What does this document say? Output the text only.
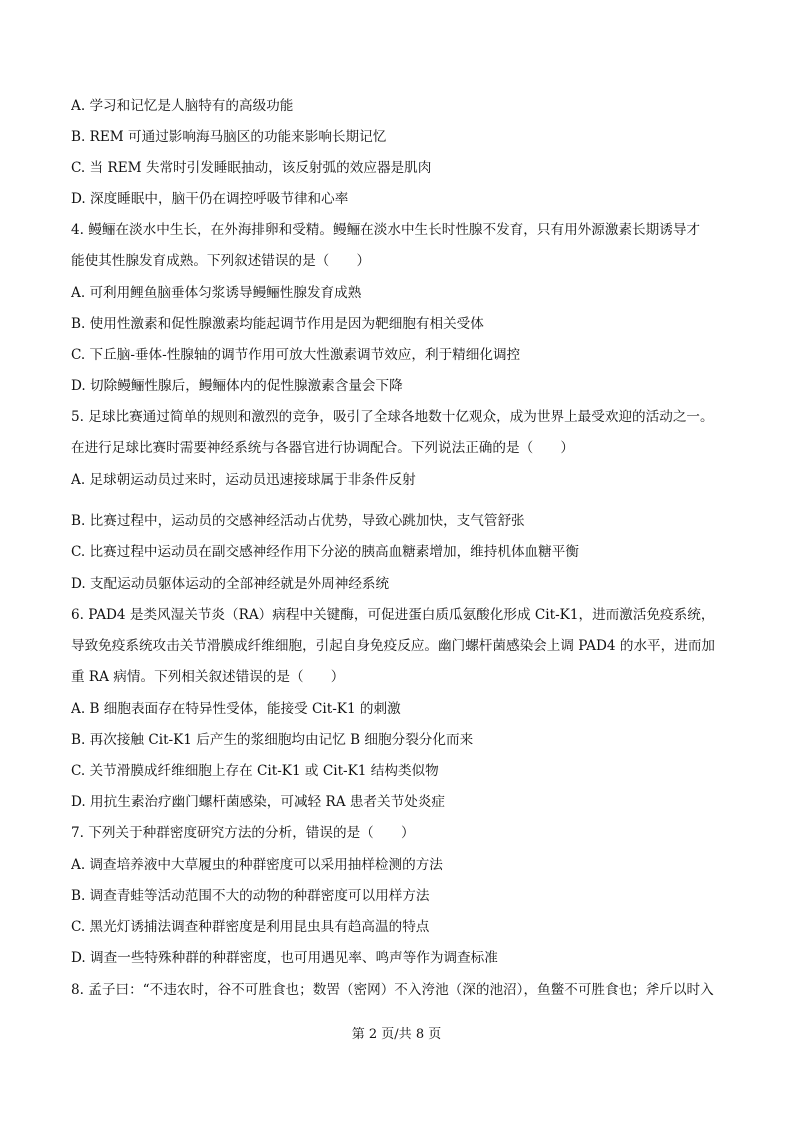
A. 学习和记忆是人脑特有的高级功能
B. REM 可通过影响海马脑区的功能来影响长期记忆
C. 当 REM 失常时引发睡眠抽动，该反射弧的效应器是肌肉
D. 深度睡眠中，脑干仍在调控呼吸节律和心率
4. 鳗鲡在淡水中生长，在外海排卵和受精。鳗鲡在淡水中生长时性腺不发育，只有用外源激素长期诱导才
能使其性腺发育成熟。下列叙述错误的是（　　）
A. 可利用鲤鱼脑垂体匀浆诱导鳗鲡性腺发育成熟
B. 使用性激素和促性腺激素均能起调节作用是因为靶细胞有相关受体
C. 下丘脑-垂体-性腺轴的调节作用可放大性激素调节效应，利于精细化调控
D. 切除鳗鲡性腺后，鳗鲡体内的促性腺激素含量会下降
5. 足球比赛通过简单的规则和激烈的竞争，吸引了全球各地数十亿观众，成为世界上最受欢迎的活动之一。
在进行足球比赛时需要神经系统与各器官进行协调配合。下列说法正确的是（　　）
A. 足球朝运动员过来时，运动员迅速接球属于非条件反射
B. 比赛过程中，运动员的交感神经活动占优势，导致心跳加快，支气管舒张
C. 比赛过程中运动员在副交感神经作用下分泌的胰高血糖素增加，维持机体血糖平衡
D. 支配运动员躯体运动的全部神经就是外周神经系统
6. PAD4 是类风湿关节炎（RA）病程中关键酶，可促进蛋白质瓜氨酸化形成 Cit-K1，进而激活免疫系统，
导致免疫系统攻击关节滑膜成纤维细胞，引起自身免疫反应。幽门螺杆菌感染会上调 PAD4 的水平，进而加
重 RA 病情。下列相关叙述错误的是（　　）
A. B 细胞表面存在特异性受体，能接受 Cit-K1 的刺激
B. 再次接触 Cit-K1 后产生的浆细胞均由记忆 B 细胞分裂分化而来
C. 关节滑膜成纤维细胞上存在 Cit-K1 或 Cit-K1 结构类似物
D. 用抗生素治疗幽门螺杆菌感染，可减轻 RA 患者关节处炎症
7. 下列关于种群密度研究方法的分析，错误的是（　　）
A. 调查培养液中大草履虫的种群密度可以采用抽样检测的方法
B. 调查青蛙等活动范围不大的动物的种群密度可以用样方法
C. 黑光灯诱捕法调查种群密度是利用昆虫具有趋高温的特点
D. 调查一些特殊种群的种群密度，也可用遇见率、鸣声等作为调查标准
8. 孟子曰：“不违农时，谷不可胜食也；数罟（密网）不入洿池（深的池沼），鱼鳖不可胜食也；斧斤以时入
第 2 页/共 8 页
